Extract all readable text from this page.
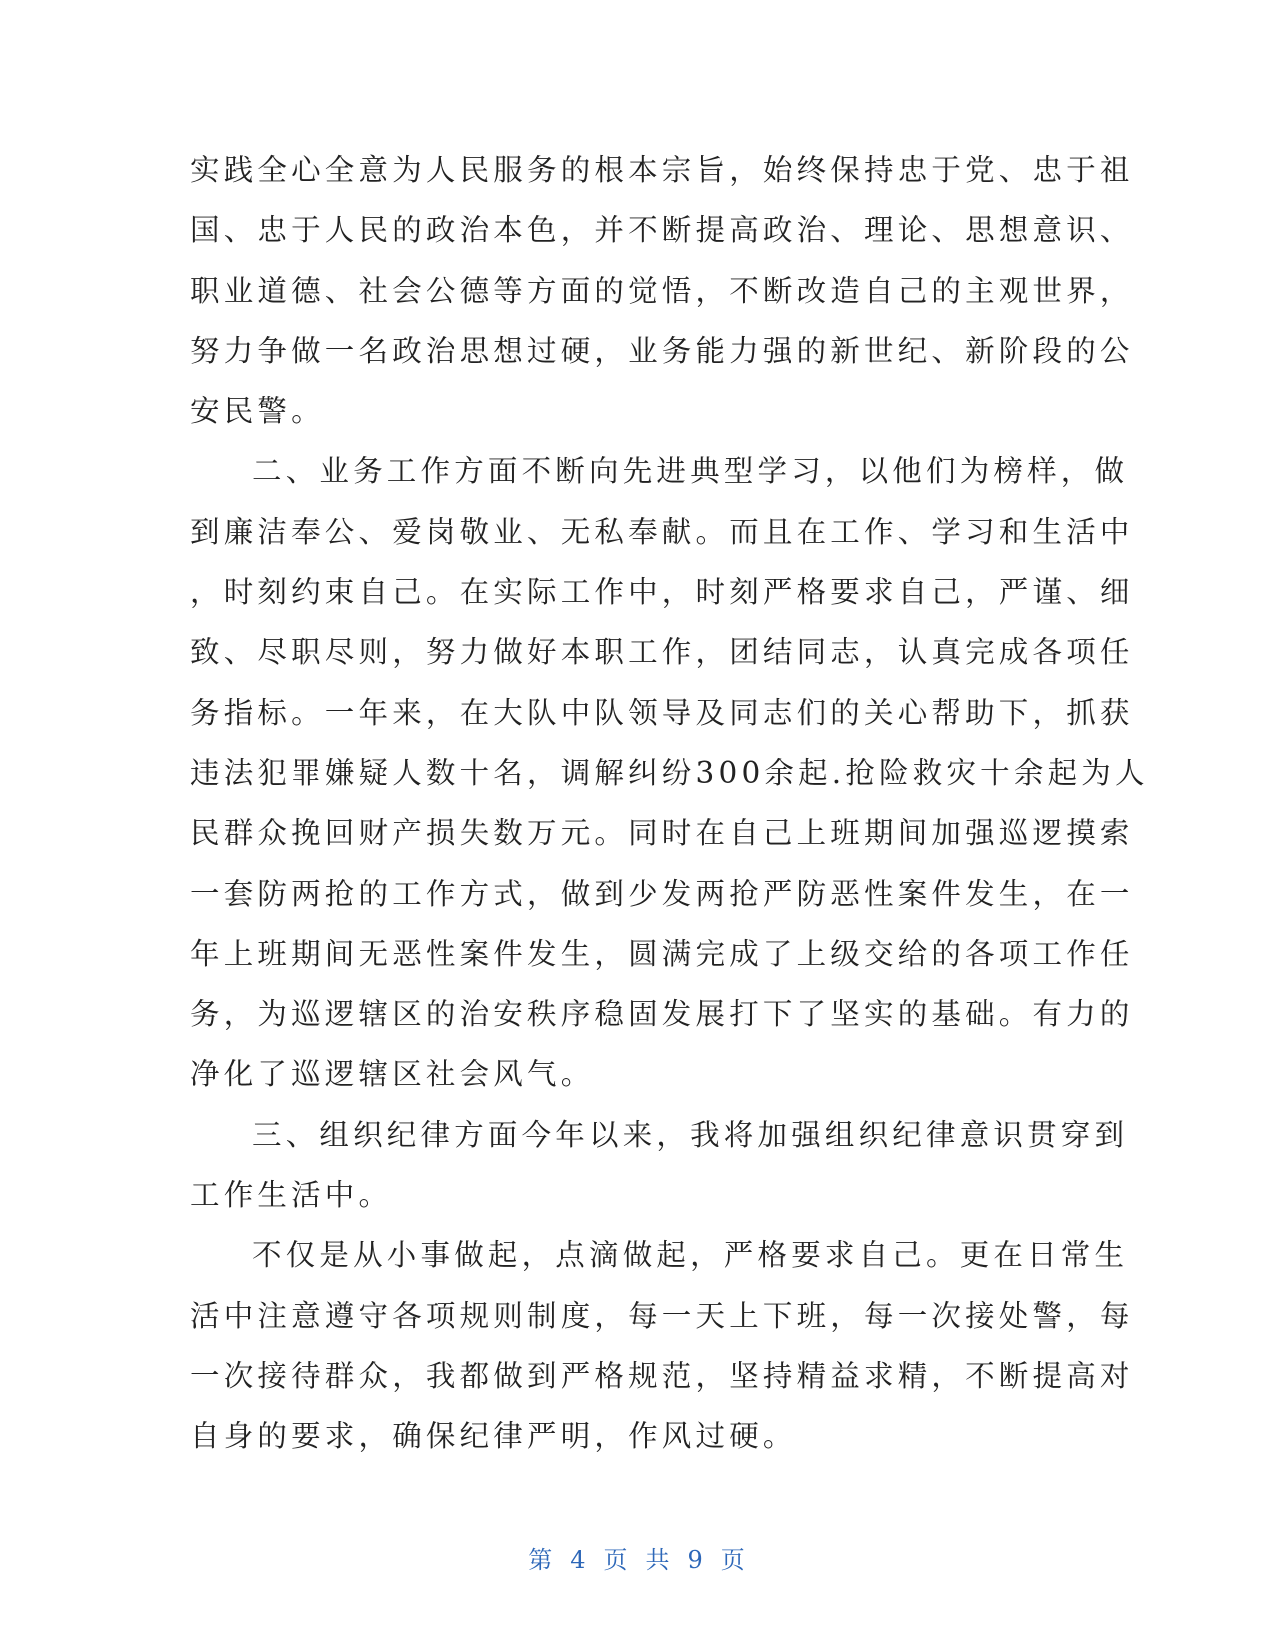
实践全心全意为人民服务的根本宗旨，始终保持忠于党、忠于祖
国、忠于人民的政治本色，并不断提高政治、理论、思想意识、
职业道德、社会公德等方面的觉悟，不断改造自己的主观世界，
努力争做一名政治思想过硬，业务能力强的新世纪、新阶段的公
安民警。
二、业务工作方面不断向先进典型学习，以他们为榜样，做
到廉洁奉公、爱岗敬业、无私奉献。而且在工作、学习和生活中
，时刻约束自己。在实际工作中，时刻严格要求自己，严谨、细
致、尽职尽则，努力做好本职工作，团结同志，认真完成各项任
务指标。一年来，在大队中队领导及同志们的关心帮助下，抓获
违法犯罪嫌疑人数十名，调解纠纷300余起.抢险救灾十余起为人
民群众挽回财产损失数万元。同时在自己上班期间加强巡逻摸索
一套防两抢的工作方式，做到少发两抢严防恶性案件发生，在一
年上班期间无恶性案件发生，圆满完成了上级交给的各项工作任
务，为巡逻辖区的治安秩序稳固发展打下了坚实的基础。有力的
净化了巡逻辖区社会风气。
三、组织纪律方面今年以来，我将加强组织纪律意识贯穿到
工作生活中。
不仅是从小事做起，点滴做起，严格要求自己。更在日常生
活中注意遵守各项规则制度，每一天上下班，每一次接处警，每
一次接待群众，我都做到严格规范，坚持精益求精，不断提高对
自身的要求，确保纪律严明，作风过硬。
第 4 页 共 9 页
